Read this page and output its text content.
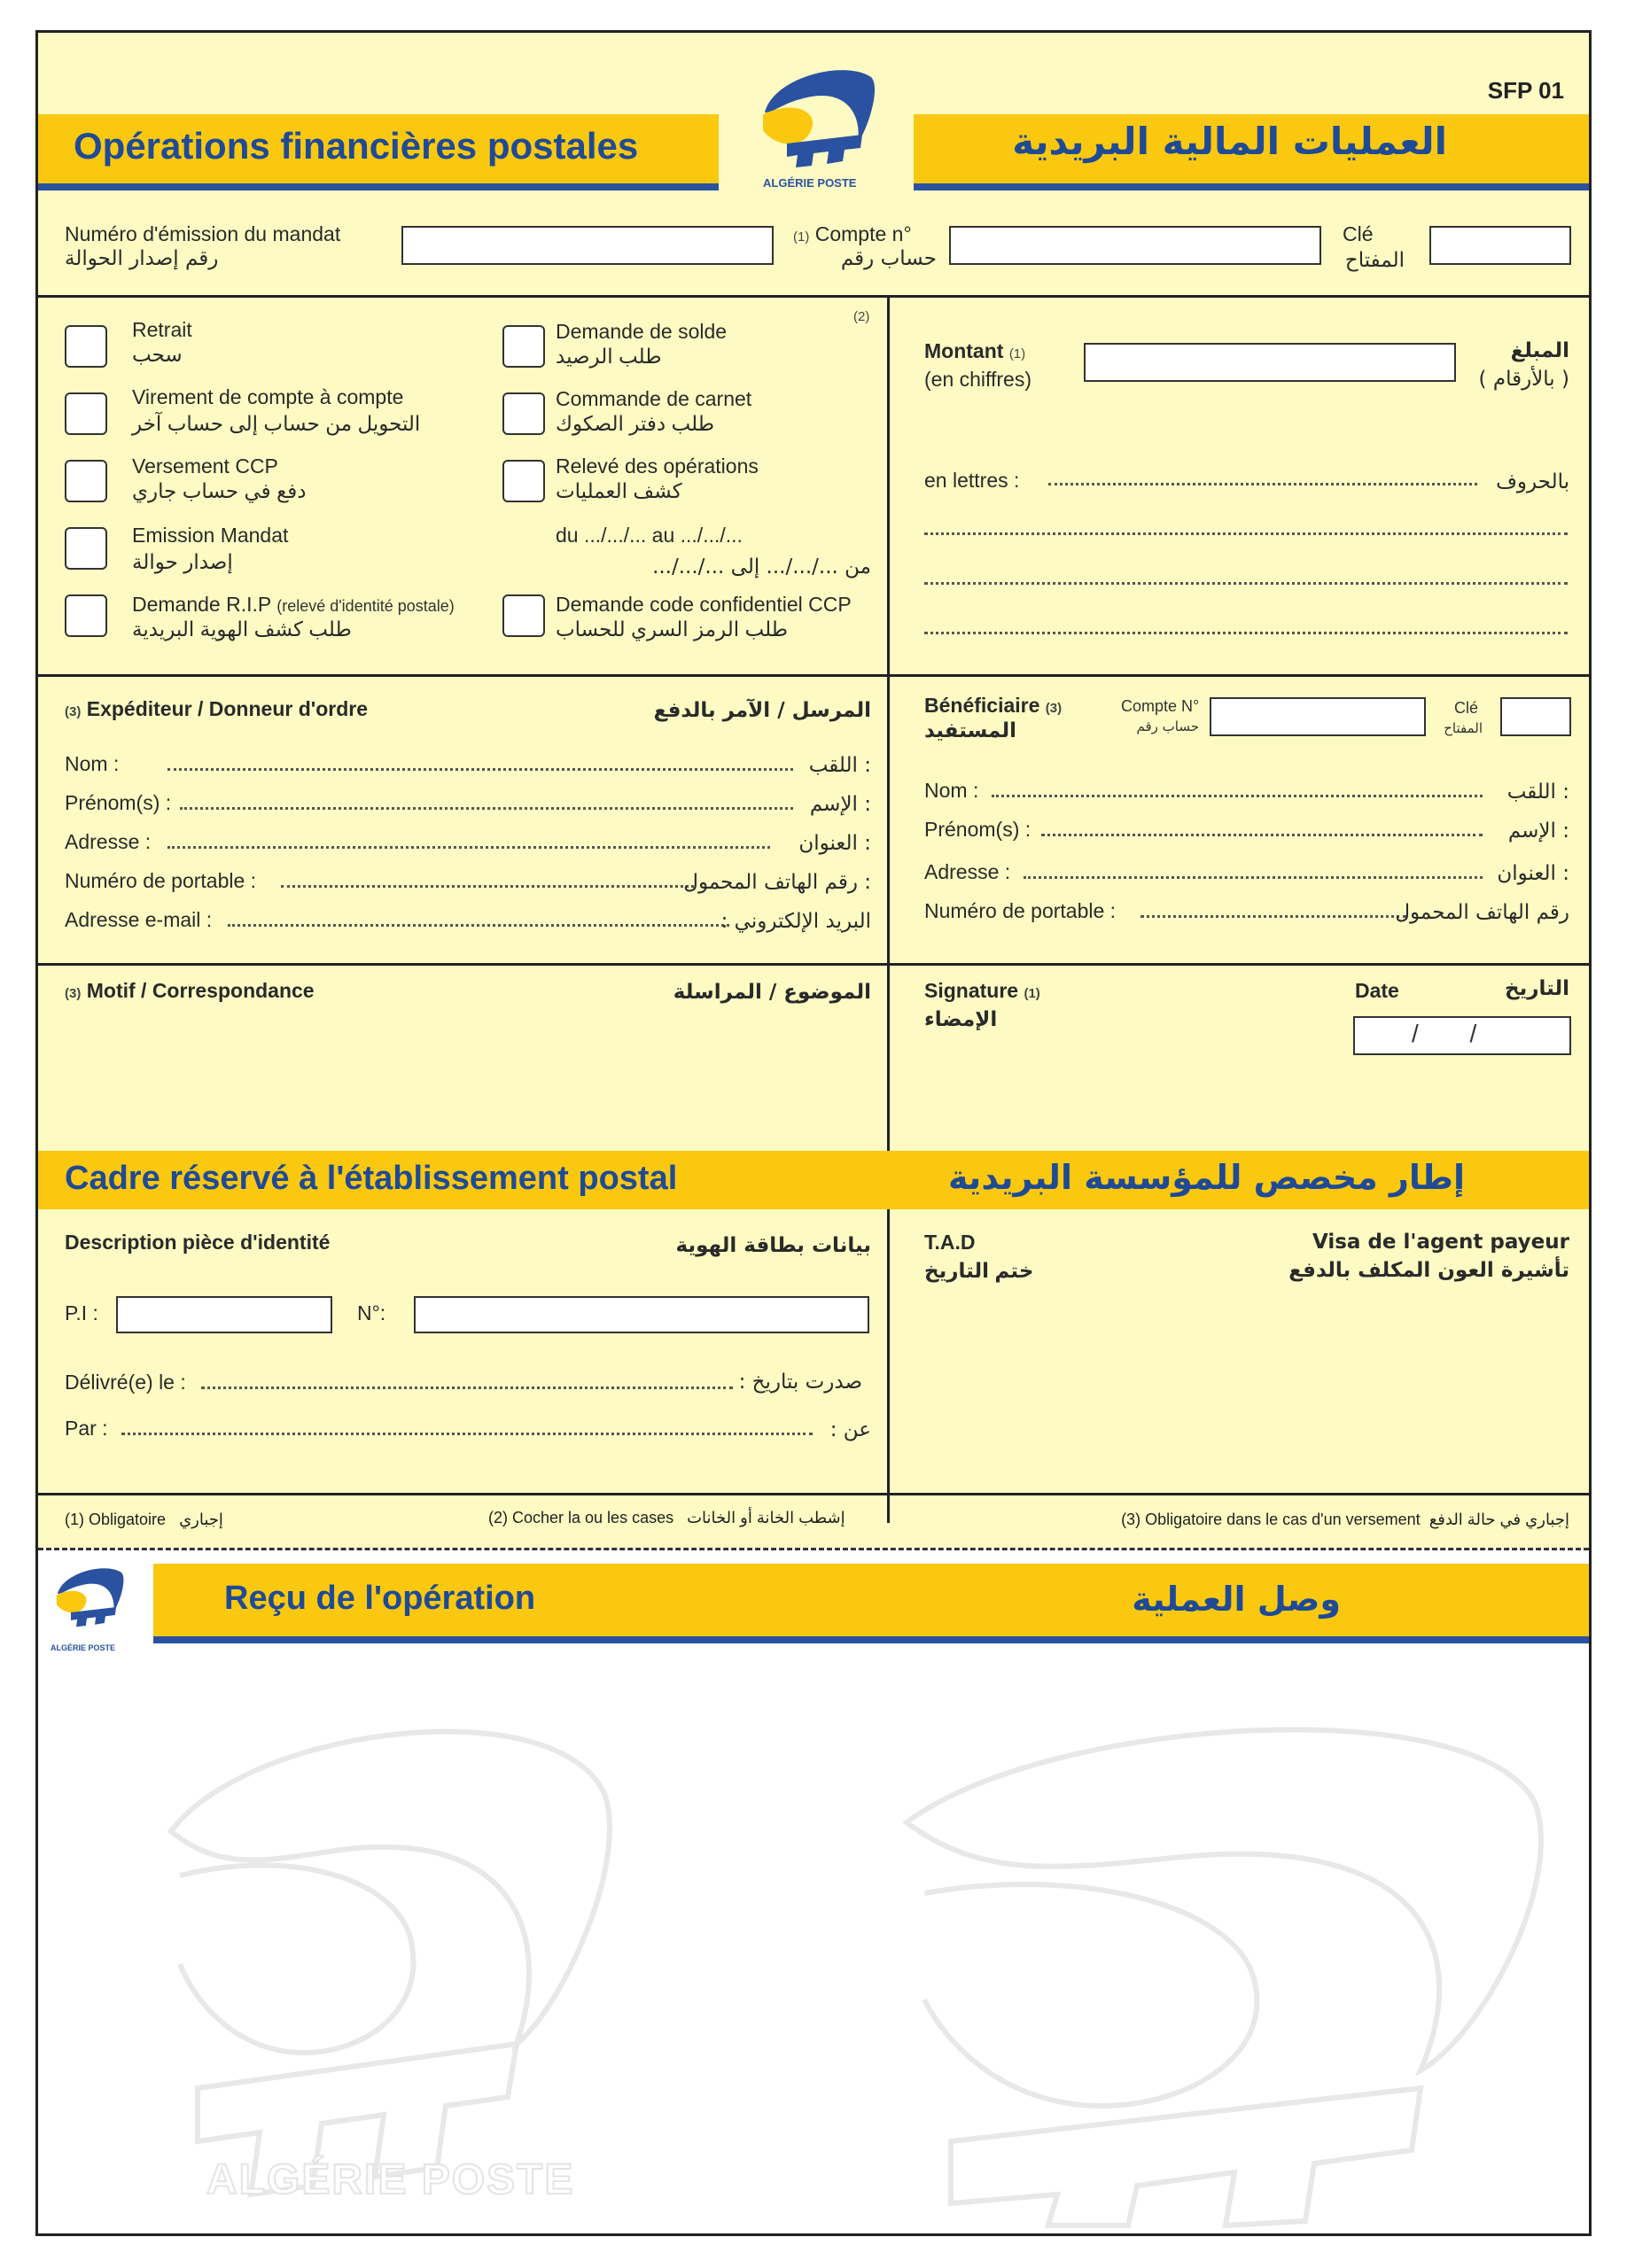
Opérations financières postales	العمليات المالية البريدية
SFP 01
ALGÉRIE POSTE
Numéro d'émission du mandat
رقم إصدار الحوالة
(1) Compte n°
حساب رقم
Clé
المفتاح
(2)
Retrait
سحب
Virement de compte à compte
التحويل من حساب إلى حساب آخر
Versement CCP
دفع في حساب جاري
Emission Mandat
إصدار حوالة
Demande R.I.P (relevé d'identité postale)
طلب كشف الهوية البريدية
Demande de solde
طلب الرصيد
Commande de carnet
طلب دفتر الصكوك
Relevé des opérations
كشف العمليات
du .../.../... au .../.../...
من .../.../... إلى .../.../...
Demande code confidentiel CCP
طلب الرمز السري للحساب
Montant (1)
(en chiffres)
المبلغ
( بالأرقام )
en lettres :	بالحروف
(3) Expéditeur / Donneur d'ordre	المرسل / الآمر بالدفع
Nom :	: اللقب
Prénom(s) :	: الإسم
Adresse :	: العنوان
Numéro de portable :	: رقم الهاتف المحمول
Adresse e-mail :	البريد الإلكتروني :
Bénéficiaire (3)
المستفيد
Compte N°
حساب رقم
Clé
المفتاح
Nom :	: اللقب
Prénom(s) :	: الإسم
Adresse :	: العنوان
Numéro de portable :	رقم الهاتف المحمول
(3) Motif / Correspondance	الموضوع / المراسلة	Signature (1)
الإمضاء
Date	التاريخ
/ /
Cadre réservé à l'établissement postal	إطار مخصص للمؤسسة البريدية
Description pièce d'identité	بيانات بطاقة الهوية
P.I :	N°:
Délivré(e) le :	صدرت بتاريخ :
Par :	عن :
T.A.D
ختم التاريخ
Visa de l'agent payeur
تأشيرة العون المكلف بالدفع
(1) Obligatoire إجباري	(2) Cocher la ou les cases إشطب الخانة أو الخانات	(3) Obligatoire dans le cas d'un versement إجباري في حالة الدفع
Reçu de l'opération	وصل العملية
ALGÉRIE POSTE
ALGÉRIE POSTE
